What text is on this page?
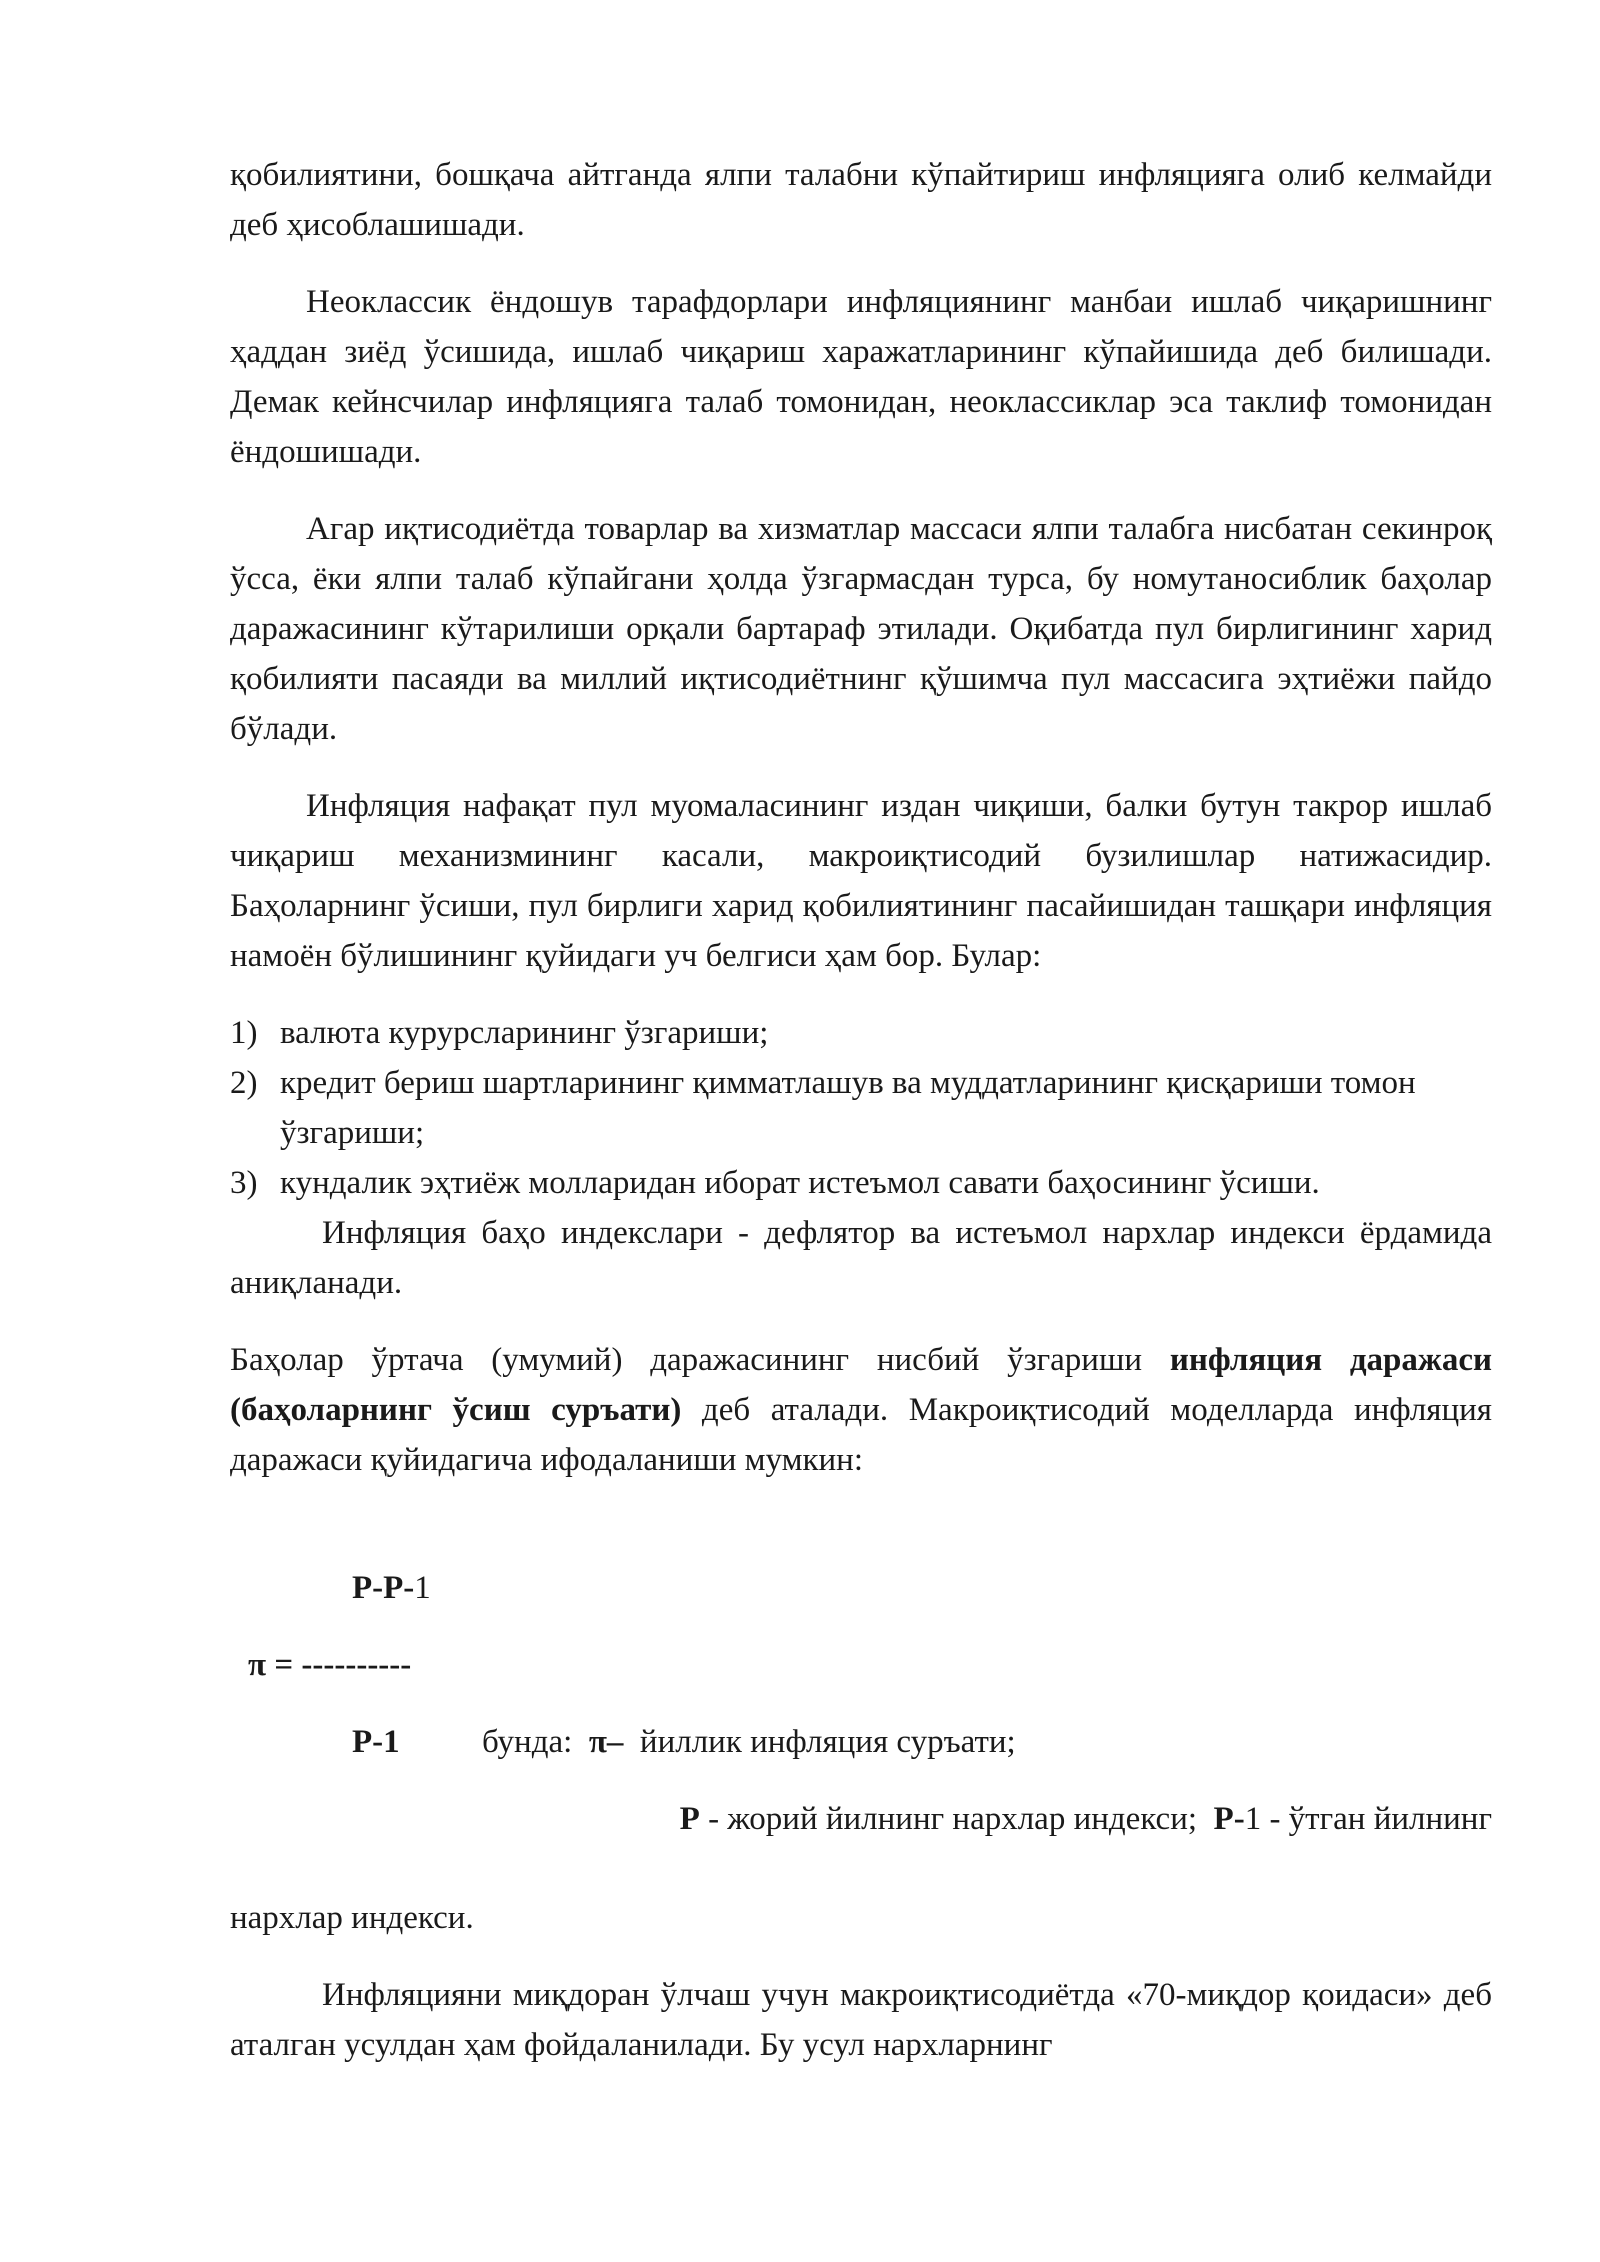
қобилиятини, бошқача айтганда ялпи талабни кўпайтириш инфляцияга олиб келмайди деб ҳисоблашишади.

Неоклассик ёндошув тарафдорлари инфляциянинг манбаи ишлаб чиқаришнинг ҳаддан зиёд ўсишида, ишлаб чиқариш харажатларининг кўпайишида деб билишади. Демак кейнсчилар инфляцияга талаб томонидан, неоклассиклар эса таклиф томонидан ёндошишади.

Агар иқтисодиётда товарлар ва хизматлар массаси ялпи талабга нисбатан секинроқ ўсса, ёки ялпи талаб кўпайгани ҳолда ўзгармасдан турса, бу номутаносиблик баҳолар даражасининг кўтарилиши орқали бартараф этилади. Оқибатда пул бирлигининг харид қобилияти пасаяди ва миллий иқтисодиётнинг қўшимча пул массасига эҳтиёжи пайдо бўлади.

Инфляция нафақат пул муомаласининг издан чиқиши, балки бутун такрор ишлаб чиқариш механизмининг касали, макроиқтисодий бузилишлар натижасидир. Баҳоларнинг ўсиши, пул бирлиги харид қобилиятининг пасайишидан ташқари инфляция намоён бўлишининг қуйидаги уч белгиси ҳам бор. Булар:

1) валюта курурсларининг ўзгариши;
2) кредит бериш шартларининг қимматлашув ва муддатларининг қисқариши томон ўзгариши;
3) кундалик эҳтиёж молларидан иборат истеъмол савати баҳосининг ўсиши.

Инфляция баҳо индекслари - дефлятор ва истеъмол нархлар индекси ёрдамида аниқланади.

Баҳолар ўртача (умумий) даражасининг нисбий ўзгариши инфляция даражаси (баҳоларнинг ўсиш суръати) деб аталади. Макроиқтисодий моделларда инфляция даражаси қуйидагича ифодаланиши мумкин:

Р-Р-1
π = ----------
Р-1 бунда: π– йиллик инфляция суръати;
Р - жорий йилнинг нархлар индекси; Р-1 - ўтган йилнинг

нархлар индекси.

Инфляцияни миқдоран ўлчаш учун макроиқтисодиётда «70-миқдор қоидаси» деб аталган усулдан ҳам фойдаланилади. Бу усул нархларнинг
